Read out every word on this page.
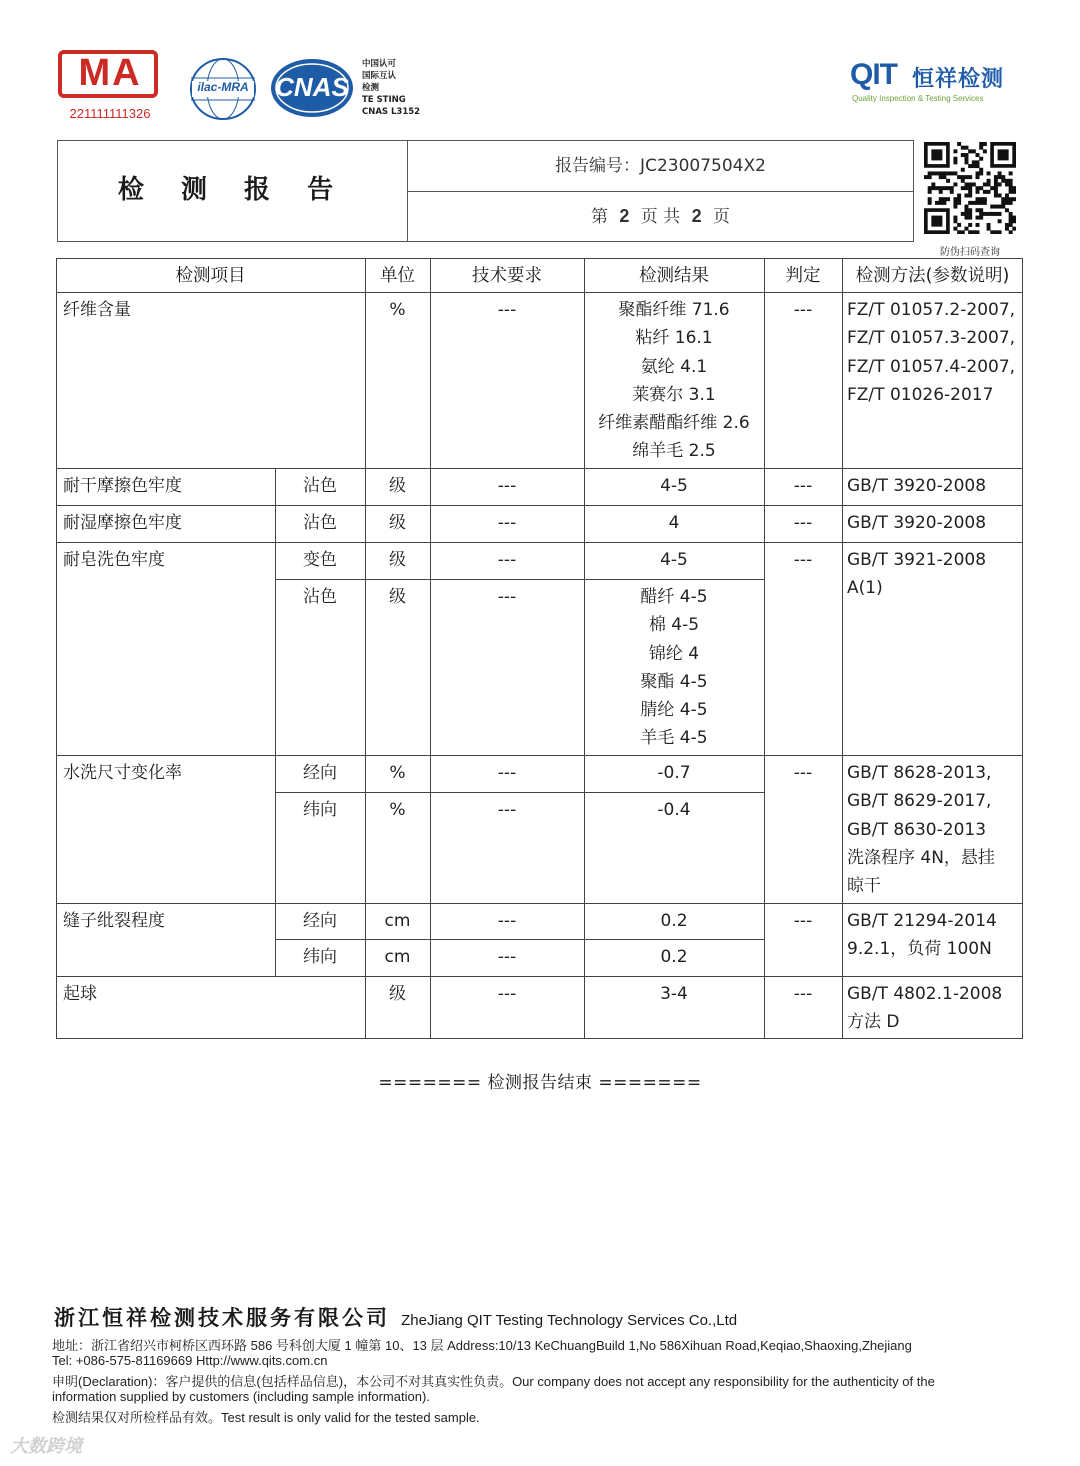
MA
221111111326
ilac-MRA	CNAS
中国认可
国际互认
检测
TE STING
CNAS L3152
QIT 恒祥检测
Quality Inspection & Testing Services
检 测 报 告
报告编号：JC23007504X2
第 2 页 共 2 页
防伪扫码查询
检测项目	单位	技术要求	检测结果	判定	检测方法(参数说明)
纤维含量	%	---	聚酯纤维 71.6
粘纤 16.1
氨纶 4.1
莱赛尔 3.1
纤维素醋酯纤维 2.6
绵羊毛 2.5
---	FZ/T 01057.2-2007,
FZ/T 01057.3-2007,
FZ/T 01057.4-2007,
FZ/T 01026-2017
耐干摩擦色牢度	沾色	级	---	4-5	---	GB/T 3920-2008
耐湿摩擦色牢度	沾色	级	---	4	---	GB/T 3920-2008
耐皂洗色牢度	变色	级	---	4-5	---	GB/T 3921-2008
A(1)
沾色	级	---	醋纤 4-5
棉 4-5
锦纶 4
聚酯 4-5
腈纶 4-5
羊毛 4-5
水洗尺寸变化率	经向	%	---	-0.7	---	GB/T 8628-2013,
GB/T 8629-2017,
GB/T 8630-2013
洗涤程序 4N，悬挂
晾干
纬向	%	---	-0.4
缝子纰裂程度	经向	cm	---	0.2	---	GB/T 21294-2014
9.2.1，负荷 100N
纬向	cm	---	0.2
起球	级	---	3-4	---	GB/T 4802.1-2008
方法 D
======= 检测报告结束 =======
浙江恒祥检测技术服务有限公司 ZheJiang QIT Testing Technology Services Co.,Ltd
地址：浙江省绍兴市柯桥区西环路 586 号科创大厦 1 幢第 10、13 层 Address:10/13 KeChuangBuild 1,No 586Xihuan Road,Keqiao,Shaoxing,Zhejiang
Tel: +086-575-81169669 Http://www.qits.com.cn
申明(Declaration)：客户提供的信息(包括样品信息)，本公司不对其真实性负责。Our company does not accept any responsibility for the authenticity of the
information supplied by customers (including sample information).
检测结果仅对所检样品有效。Test result is only valid for the tested sample.
大数跨境
